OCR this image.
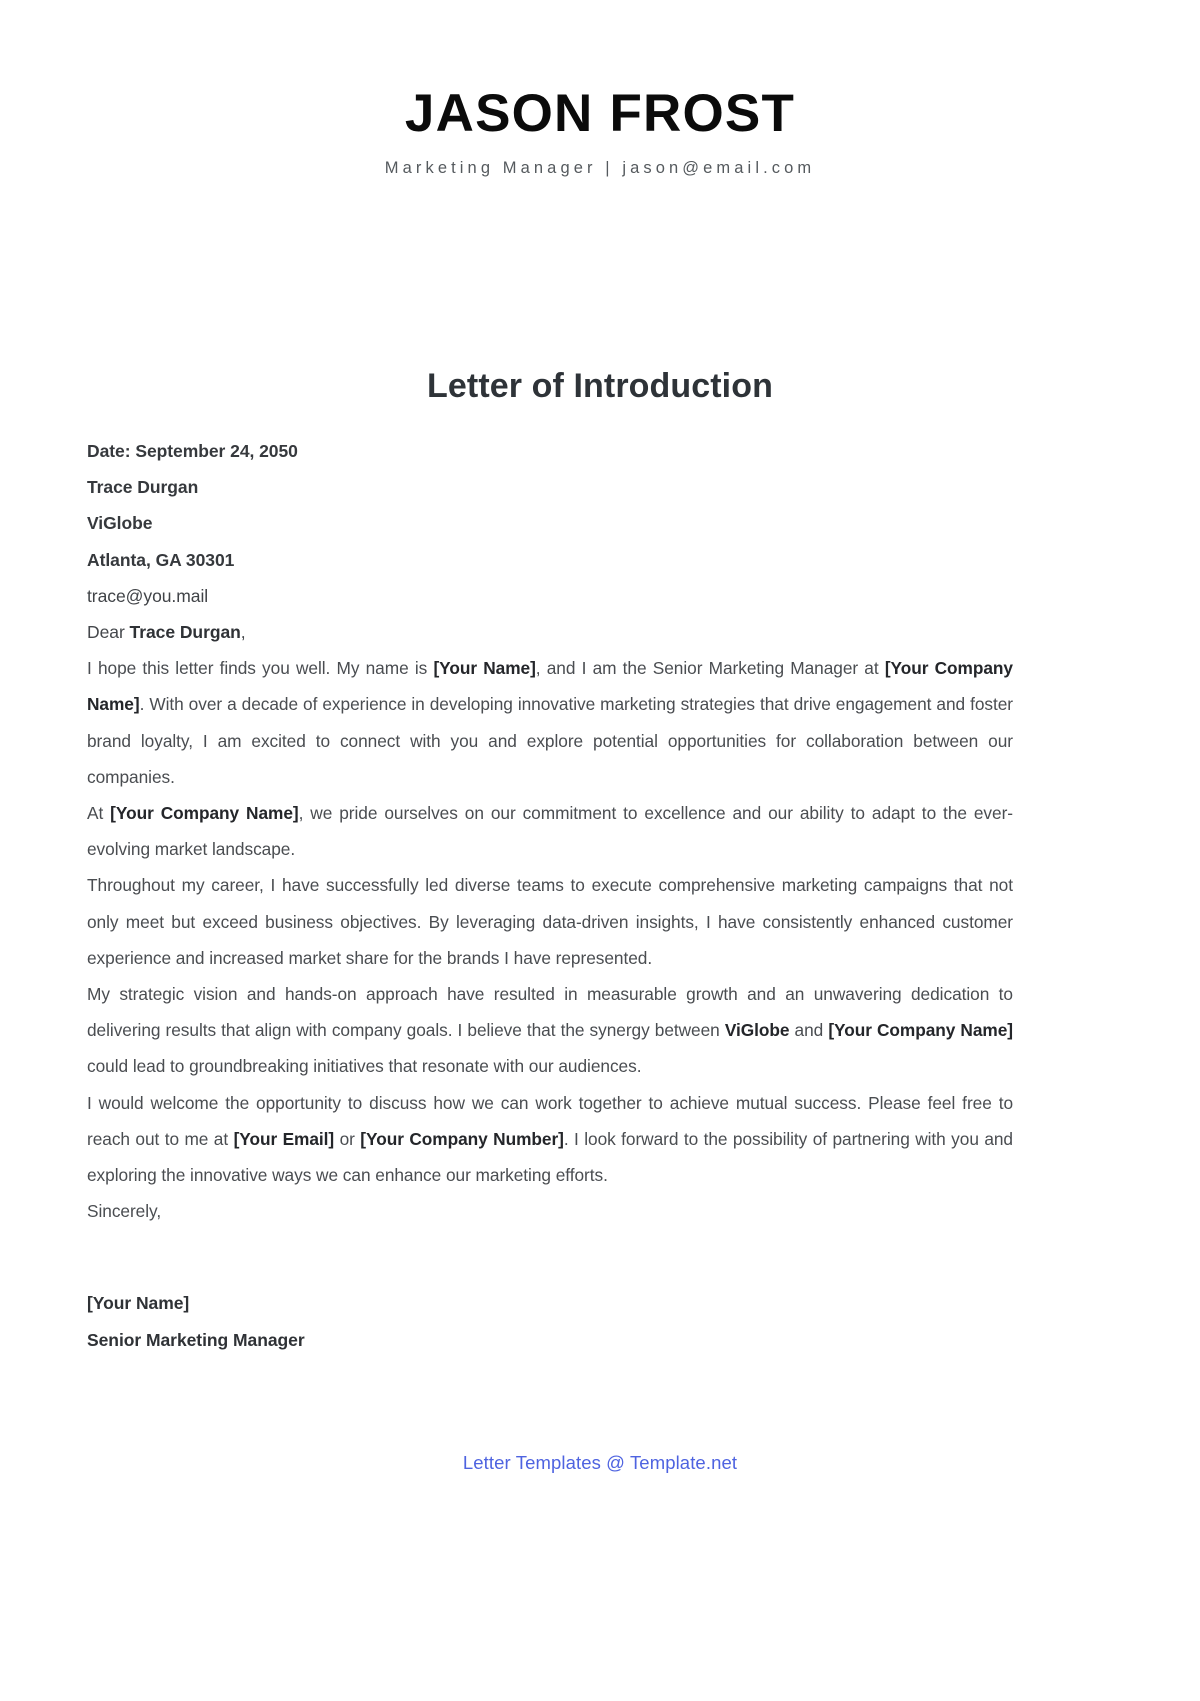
JASON FROST
Marketing Manager | jason@email.com
Letter of Introduction
Date: September 24, 2050
Trace Durgan
ViGlobe
Atlanta, GA 30301
trace@you.mail
Dear Trace Durgan,

I hope this letter finds you well. My name is [Your Name], and I am the Senior Marketing Manager at [Your Company Name]. With over a decade of experience in developing innovative marketing strategies that drive engagement and foster brand loyalty, I am excited to connect with you and explore potential opportunities for collaboration between our companies.

At [Your Company Name], we pride ourselves on our commitment to excellence and our ability to adapt to the ever-evolving market landscape.

Throughout my career, I have successfully led diverse teams to execute comprehensive marketing campaigns that not only meet but exceed business objectives. By leveraging data-driven insights, I have consistently enhanced customer experience and increased market share for the brands I have represented.

My strategic vision and hands-on approach have resulted in measurable growth and an unwavering dedication to delivering results that align with company goals. I believe that the synergy between ViGlobe and [Your Company Name] could lead to groundbreaking initiatives that resonate with our audiences.

I would welcome the opportunity to discuss how we can work together to achieve mutual success. Please feel free to reach out to me at [Your Email] or [Your Company Number]. I look forward to the possibility of partnering with you and exploring the innovative ways we can enhance our marketing efforts.

Sincerely,

[Your Name]
Senior Marketing Manager
Letter Templates @ Template.net
